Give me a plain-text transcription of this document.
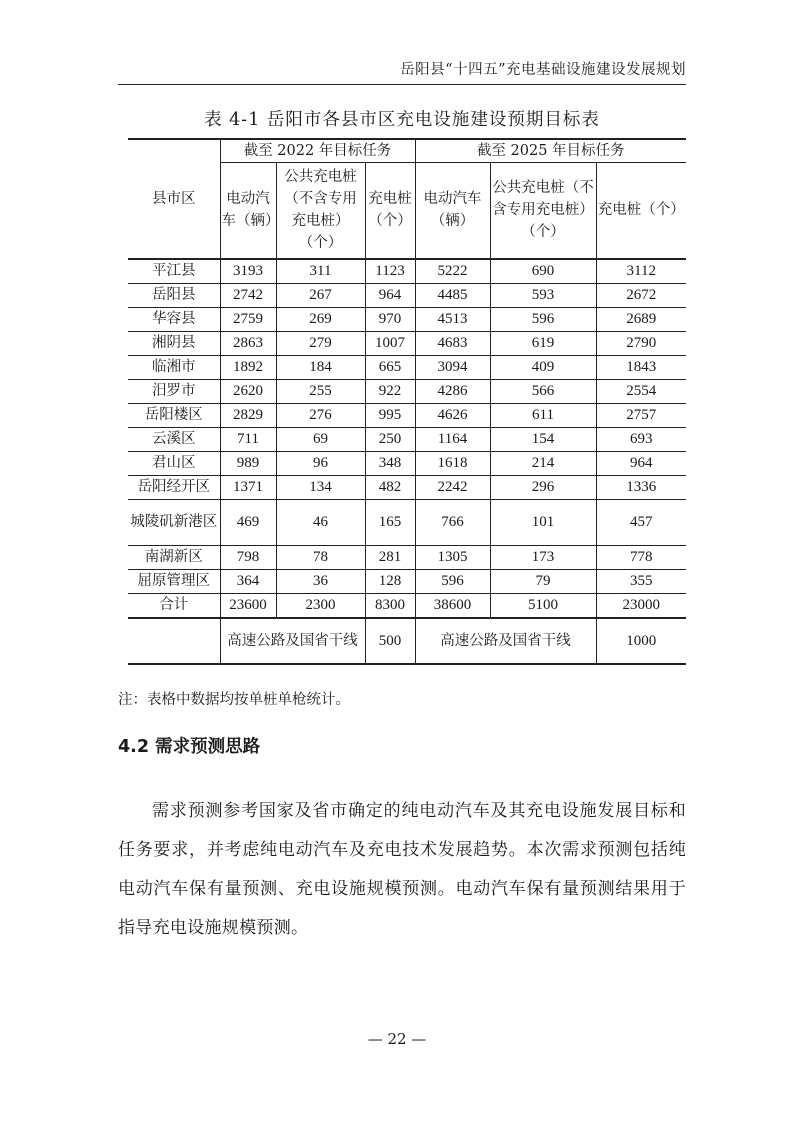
岳阳县“十四五”充电基础设施建设发展规划
表 4-1 岳阳市各县市区充电设施建设预期目标表
县市区	截至 2022 年目标任务			截至 2025 年目标任务		
	电动汽车（辆）	公共充电桩（不含专用充电桩）（个）	充电桩（个）	电动汽车（辆）	公共充电桩（不含专用充电桩）（个）	充电桩（个）
平江县	3193	311	1123	5222	690	3112
岳阳县	2742	267	964	4485	593	2672
华容县	2759	269	970	4513	596	2689
湘阴县	2863	279	1007	4683	619	2790
临湘市	1892	184	665	3094	409	1843
汨罗市	2620	255	922	4286	566	2554
岳阳楼区	2829	276	995	4626	611	2757
云溪区	711	69	250	1164	154	693
君山区	989	96	348	1618	214	964
岳阳经开区	1371	134	482	2242	296	1336
城陵矶新港区	469	46	165	766	101	457
南湖新区	798	78	281	1305	173	778
屈原管理区	364	36	128	596	79	355
合计	23600	2300	8300	38600	5100	23000
	高速公路及国省干线		500	高速公路及国省干线		1000
注：表格中数据均按单桩单枪统计。
4.2 需求预测思路
需求预测参考国家及省市确定的纯电动汽车及其充电设施发展目标和任务要求，并考虑纯电动汽车及充电技术发展趋势。本次需求预测包括纯电动汽车保有量预测、充电设施规模预测。电动汽车保有量预测结果用于指导充电设施规模预测。
— 22 —
